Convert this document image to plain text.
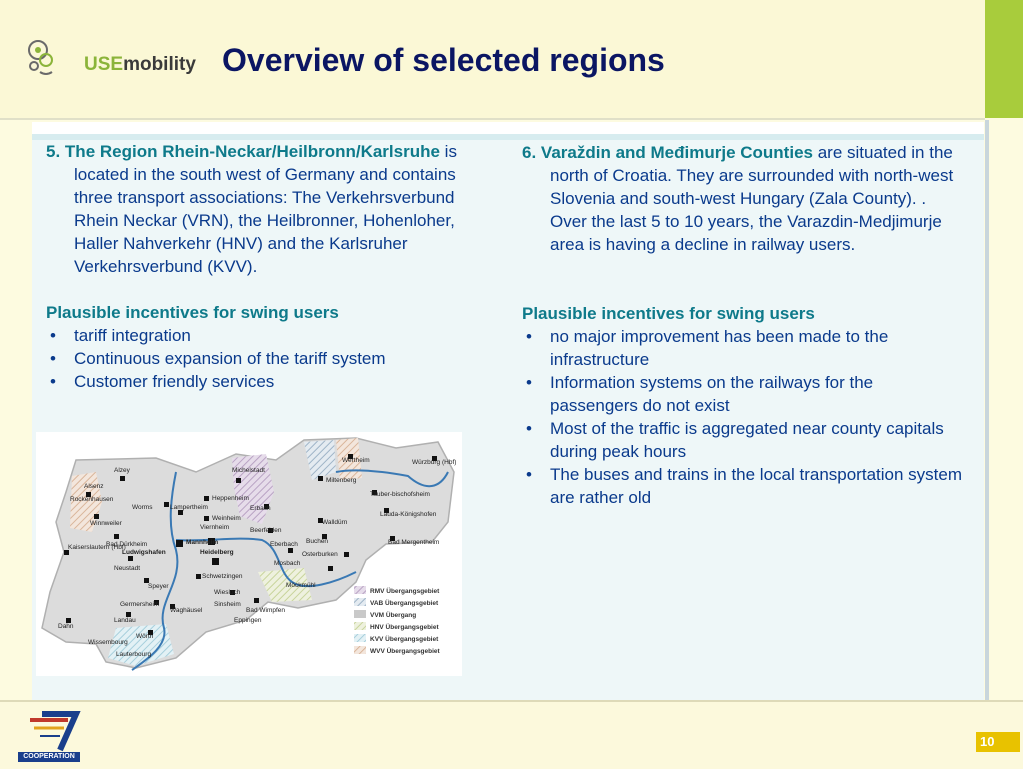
USEmobility Overview of selected regions

5. The Region Rhein-Neckar/Heilbronn/Karlsruhe is located in the south west of Germany and contains three transport associations: The Verkehrsverbund Rhein Neckar (VRN), the Heilbronner, Hohenloher, Haller Nahverkehr (HNV) and the Karlsruher Verkehrsverbund (KVV).

Plausible incentives for swing users

• tariff integration
• Continuous expansion of the tariff system
• Customer friendly services

6. Varaždin and Međimurje Counties are situated in the north of Croatia. They are surrounded with north-west Slovenia and south-west Hungary (Zala County). . Over the last 5 to 10 years, the Varazdin-Medjimurje area is having a decline in railway users.

Plausible incentives for swing users

• no major improvement has been made to the infrastructure
• Information systems on the railways for the passengers do not exist
• Most of the traffic is aggregated near county capitals during peak hours
• The buses and trains in the local transportation system are rather old
Alzey
Alsenz
Rockenhausen
Winnweiler
Kaiserslautern (Hbf)
Bad Dürkheim
Worms	Lampertheim
Heppenheim
Weinheim
Viernheim
Mannheim
Ludwigshafen	Heidelberg
Neustadt
Schwetzingen
Speyer
Germersheim
Waghäusel
Wiesloch
Sinsheim
Landau
Wörth
Wissembourg
Lauterbourg
Dahn
Michelstadt
Erbach
Beerfelden
Eberbach
Mosbach
Walldürn
Buchen
Osterburken
Möckmühl
Bad Wimpfen
Eppingen
Wertheim	Würzburg (Hbf)
Miltenberg
Tauber-bischofsheim
Lauda-Königshofen
Bad Mergentheim
RMV Übergangsgebiet
VAB Übergangsgebiet
VVM Übergang
HNV Übergangsgebiet
KVV Übergangsgebiet
WVV Übergangsgebiet
COOPERATION
10
